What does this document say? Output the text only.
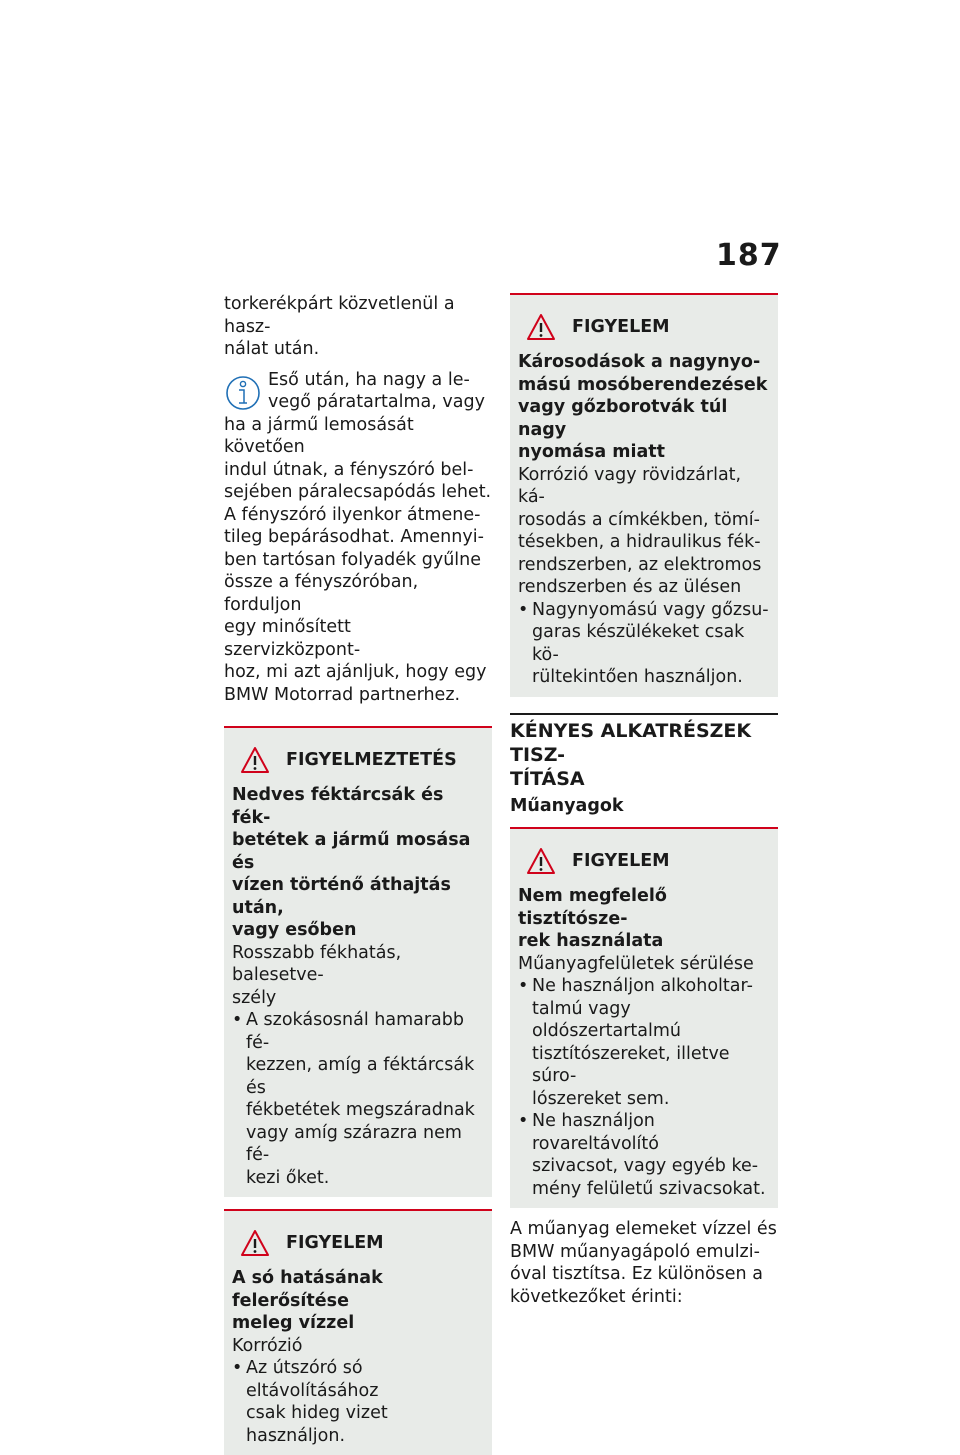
187

torkerékpárt közvetlenül a hasz-
nálat után.

Eső után, ha nagy a le-
vegő páratartalma, vagy
ha a jármű lemosását követően
indul útnak, a fényszóró bel-
sejében páralecsapódás lehet.
A fényszóró ilyenkor átmene-
tileg bepárásodhat. Amennyi-
ben tartósan folyadék gyűlne
össze a fényszóróban, forduljon
egy minősített szervizközpont-
hoz, mi azt ajánljuk, hogy egy
BMW Motorrad partnerhez.

FIGYELMEZTETÉS

Nedves féktárcsák és fék-
betétek a jármű mosása és
vízen történő áthajtás után,
vagy esőben

Rosszabb fékhatás, balesetve-
szély

• A szokásosnál hamarabb fé-
kezzen, amíg a féktárcsák és
fékbetétek megszáradnak
vagy amíg szárazra nem fé-
kezi őket.
FIGYELEM

A só hatásának felerősítése
meleg vízzel

Korrózió

• Az útszóró só eltávolításához
csak hideg vizet használjon.
FIGYELEM

Károsodások a nagynyo-
mású mosóberendezések
vagy gőzborotvák túl nagy
nyomása miatt

Korrózió vagy rövidzárlat, ká-
rosodás a címkékben, tömí-
tésekben, a hidraulikus fék-
rendszerben, az elektromos
rendszerben és az ülésen

• Nagynyomású vagy gőzsu-
garas készülékeket csak kö-
rültekintően használjon.

KÉNYES ALKATRÉSZEK TISZ-
TÍTÁSA

Műanyagok

FIGYELEM

Nem megfelelő tisztítósze-
rek használata

Műanyagfelületek sérülése

• Ne használjon alkoholtar-
talmú vagy oldószertartalmú
tisztítószereket, illetve súro-
lószereket sem.
• Ne használjon rovareltávolító
szivacsot, vagy egyéb ke-
mény felületű szivacsokat.

A műanyag elemeket vízzel és
BMW műanyagápoló emulzi-
óval tisztítsa. Ez különösen a
következőket érinti:
